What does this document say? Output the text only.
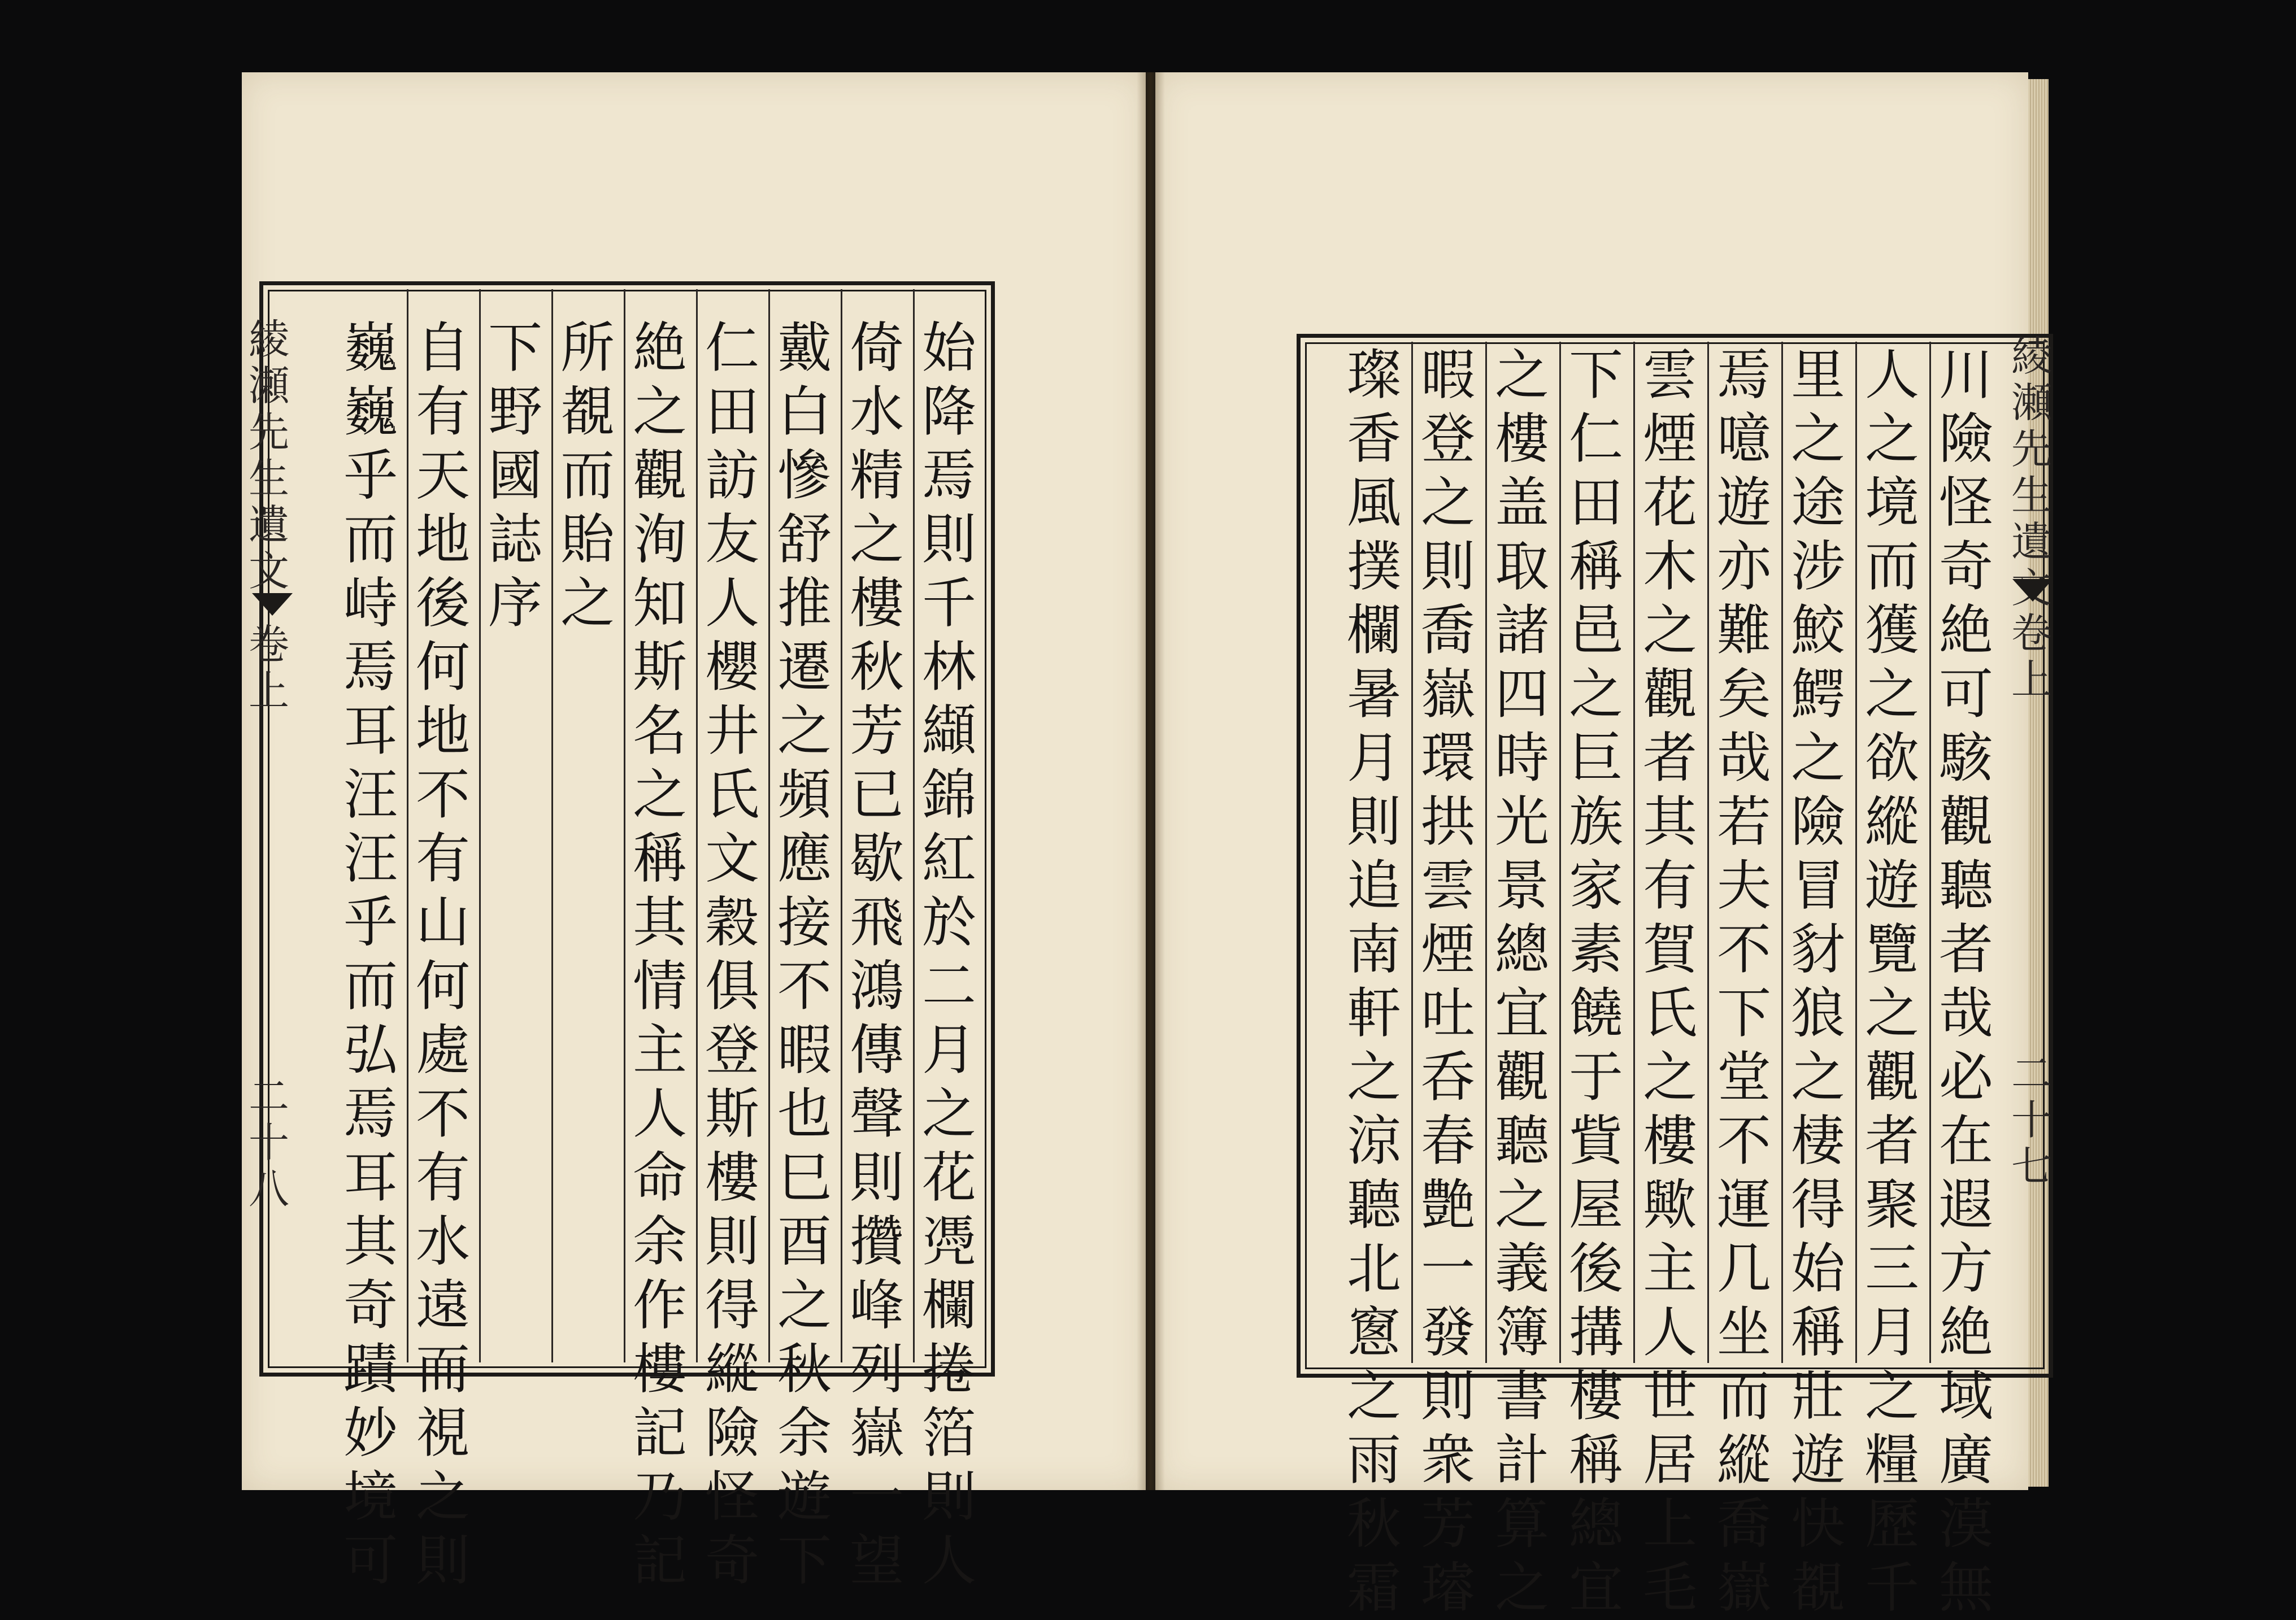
綾
瀬
先
生
遺
文
卷
上
二
十
八
綾
瀬
先
生
遺
文
卷
上
二
十
七
始
降
焉
則
千
林
纈
錦
紅
於
二
月
之
花
凴
欄
捲
箔
則
人
倚
水
精
之
樓
秋
芳
已
歇
飛
鴻
傳
聲
則
攢
峰
列
嶽
一
望
戴
白
慘
舒
推
遷
之
頻
應
接
不
暇
也
巳
酉
之
秋
余
遊
下
仁
田
訪
友
人
櫻
井
氏
文
穀
俱
登
斯
樓
則
得
縱
險
怪
奇
絶
之
觀
洵
知
斯
名
之
稱
其
情
主
人
命
余
作
樓
記
乃
記
所
覩
而
貽
之
下
野
國
誌
序
自
有
天
地
後
何
地
不
有
山
何
處
不
有
水
遠
而
視
之
則
巍
巍
乎
而
峙
焉
耳
汪
汪
乎
而
弘
焉
耳
其
奇
蹟
妙
境
可
川
險
怪
奇
絶
可
駭
觀
聽
者
哉
必
在
遐
方
絶
域
廣
漠
無
人
之
境
而
獲
之
欲
縱
遊
覽
之
觀
者
聚
三
月
之
糧
歷
千
里
之
途
涉
鮫
鰐
之
險
冒
豺
狼
之
棲
得
始
稱
壯
遊
快
覩
焉
噫
遊
亦
難
矣
哉
若
夫
不
下
堂
不
運
几
坐
而
縱
喬
嶽
雲
煙
花
木
之
觀
者
其
有
賀
氏
之
樓
歟
主
人
世
居
上
毛
下
仁
田
稱
邑
之
巨
族
家
素
饒
于
貲
屋
後
搆
樓
稱
總
宜
之
樓
盖
取
諸
四
時
光
景
總
宜
觀
聽
之
義
簿
書
計
算
之
暇
登
之
則
喬
嶽
環
拱
雲
煙
吐
呑
春
艶
一
發
則
衆
芳
璿
璨
香
風
撲
欄
暑
月
則
追
南
軒
之
涼
聽
北
窻
之
雨
秋
霜
